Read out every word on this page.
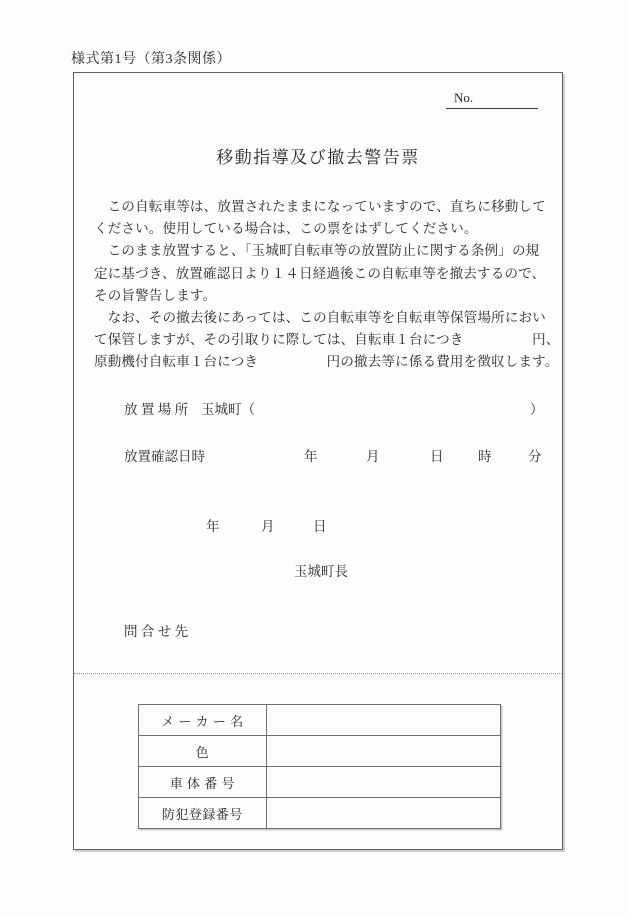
様式第1号（第3条関係）
No.
移動指導及び撤去警告票
　この自転車等は、放置されたままになっていますので、直ちに移動して
ください。使用している場合は、この票をはずしてください。
　このまま放置すると、「玉城町自転車等の放置防止に関する条例」の規
定に基づき、放置確認日より１４日経過後この自転車等を撤去するので、
その旨警告します。
　なお、その撤去後にあっては、この自転車等を自転車等保管場所におい
て保管しますが、その引取りに際しては、自転車１台につき　　　　　円、
原動機付自転車１台につき　　　　　円の撤去等に係る費用を徴収します。
放 置 場 所 玉城町（	）
放置確認日時	年	月	日	時	分
年	月	日
玉城町長
問 合 せ 先
メ ー カ ー 名	
色	
車 体 番 号	
防犯登録番号	
